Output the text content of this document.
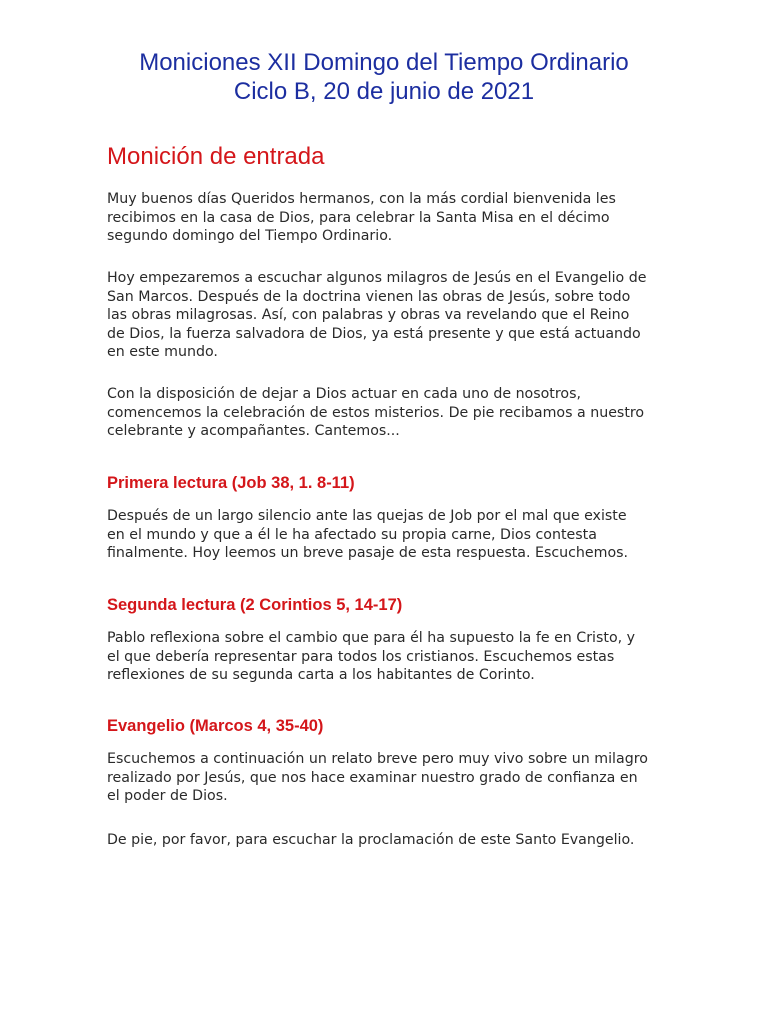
Moniciones XII Domingo del Tiempo Ordinario
Ciclo B, 20 de junio de 2021
Monición de entrada

Muy buenos días Queridos hermanos, con la más cordial bienvenida les
recibimos en la casa de Dios, para celebrar la Santa Misa en el décimo
segundo domingo del Tiempo Ordinario.

Hoy empezaremos a escuchar algunos milagros de Jesús en el Evangelio de
San Marcos. Después de la doctrina vienen las obras de Jesús, sobre todo
las obras milagrosas. Así, con palabras y obras va revelando que el Reino
de Dios, la fuerza salvadora de Dios, ya está presente y que está actuando
en este mundo.

Con la disposición de dejar a Dios actuar en cada uno de nosotros,
comencemos la celebración de estos misterios. De pie recibamos a nuestro
celebrante y acompañantes. Cantemos...

Primera lectura (Job 38, 1. 8-11)

Después de un largo silencio ante las quejas de Job por el mal que existe
en el mundo y que a él le ha afectado su propia carne, Dios contesta
finalmente. Hoy leemos un breve pasaje de esta respuesta. Escuchemos.

Segunda lectura (2 Corintios 5, 14-17)

Pablo reflexiona sobre el cambio que para él ha supuesto la fe en Cristo, y
el que debería representar para todos los cristianos. Escuchemos estas
reflexiones de su segunda carta a los habitantes de Corinto.

Evangelio (Marcos 4, 35-40)

Escuchemos a continuación un relato breve pero muy vivo sobre un milagro
realizado por Jesús, que nos hace examinar nuestro grado de confianza en
el poder de Dios.

De pie, por favor, para escuchar la proclamación de este Santo Evangelio.
